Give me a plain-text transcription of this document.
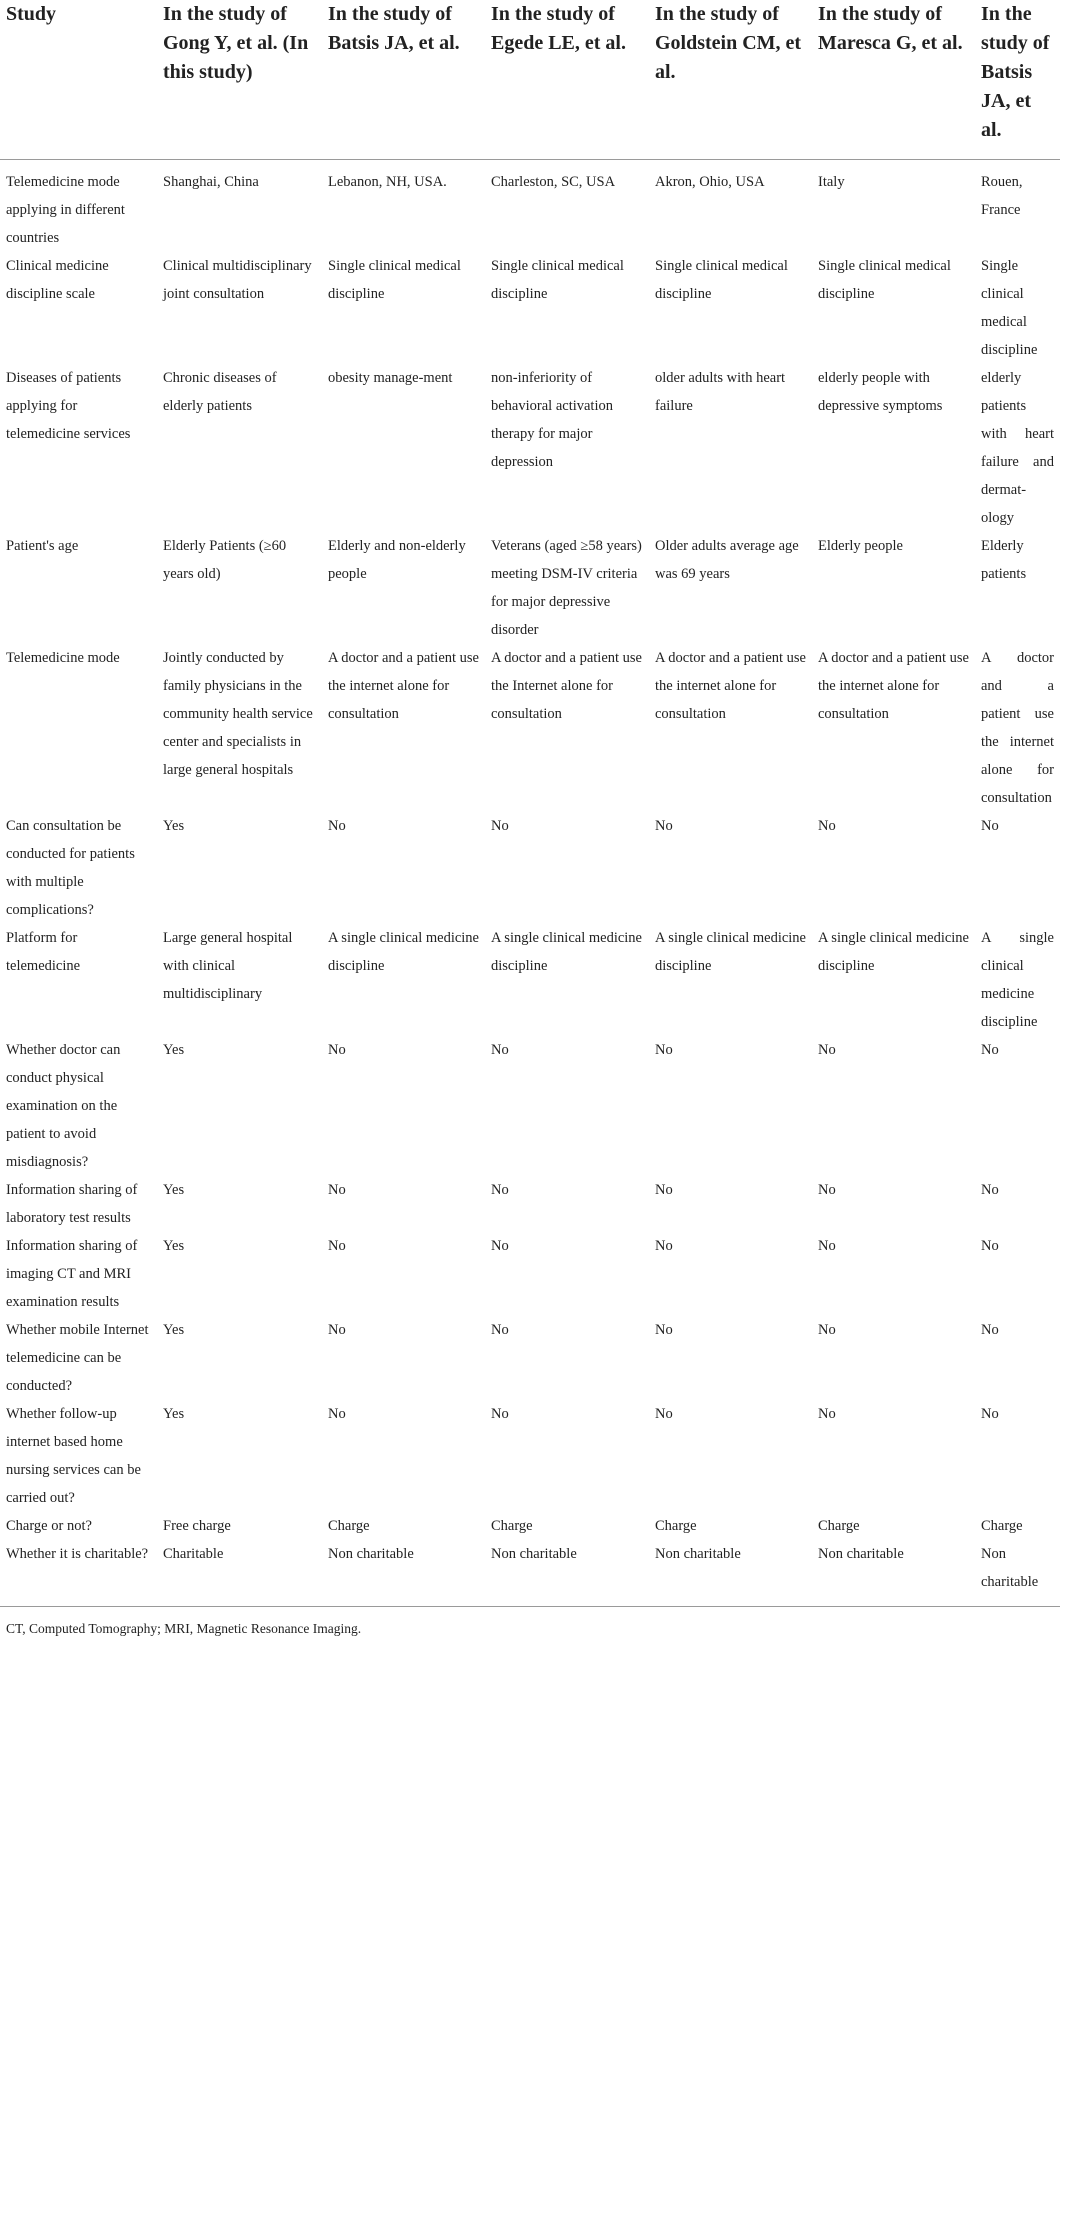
Study	In the study of Gong Y, et al. (In this study)	In the study of Batsis JA, et al.	In the study of Egede LE, et al.	In the study of Goldstein CM, et al.	In the study of Maresca G, et al.	In the study of Batsis JA, et al.
Telemedicine mode applying in different countries	Shanghai, China	Lebanon, NH, USA.	Charleston, SC, USA	Akron, Ohio, USA	Italy	Rouen, France
Clinical medicine discipline scale	Clinical multidisciplinary joint consultation	Single clinical medical discipline	Single clinical medical discipline	Single clinical medical discipline	Single clinical medical discipline	Single clinical medical discipline
Diseases of patients applying for telemedicine services	Chronic diseases of elderly patients	obesity manage-ment	non-inferiority of behavioral activation therapy for major depression	older adults with heart failure	elderly people with depressive symptoms	elderly patients with heart failure and dermat-ology
Patient's age	Elderly Patients (≥60 years old)	Elderly and non-elderly people	Veterans (aged ≥58 years) meeting DSM-IV criteria for major depressive disorder	Older adults average age was 69 years	Elderly people	Elderly patients
Telemedicine mode	Jointly conducted by family physicians in the community health service center and specialists in large general hospitals	A doctor and a patient use the internet alone for consultation	A doctor and a patient use the Internet alone for consultation	A doctor and a patient use the internet alone for consultation	A doctor and a patient use the internet alone for consultation	A doctor and a patient use the internet alone for consultation
Can consultation be conducted for patients with multiple complications?	Yes	No	No	No	No	No
Platform for telemedicine	Large general hospital with clinical multidisciplinary	A single clinical medicine discipline	A single clinical medicine discipline	A single clinical medicine discipline	A single clinical medicine discipline	A single clinical medicine discipline
Whether doctor can conduct physical examination on the patient to avoid misdiagnosis?	Yes	No	No	No	No	No
Information sharing of laboratory test results	Yes	No	No	No	No	No
Information sharing of imaging CT and MRI examination results	Yes	No	No	No	No	No
Whether mobile Internet telemedicine can be conducted?	Yes	No	No	No	No	No
Whether follow-up internet based home nursing services can be carried out?	Yes	No	No	No	No	No
Charge or not?	Free charge	Charge	Charge	Charge	Charge	Charge
Whether it is charitable?	Charitable	Non charitable	Non charitable	Non charitable	Non charitable	Non charitable
CT, Computed Tomography; MRI, Magnetic Resonance Imaging.
